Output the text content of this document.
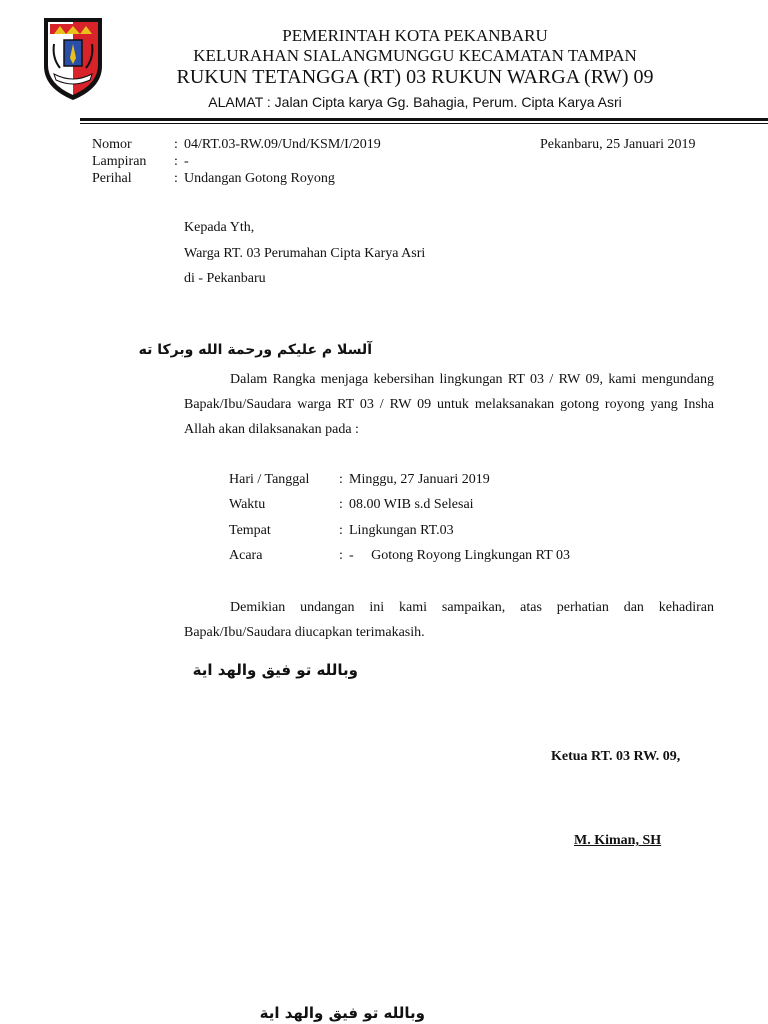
PEMERINTAH KOTA PEKANBARU
KELURAHAN SIALANGMUNGGU KECAMATAN TAMPAN
RUKUN TETANGGA (RT) 03 RUKUN WARGA (RW) 09
ALAMAT : Jalan Cipta karya Gg. Bahagia, Perum. Cipta Karya Asri
Nomor	: 04/RT.03-RW.09/Und/KSM/I/2019
Lampiran : -
Perihal	: Undangan Gotong Royong
Pekanbaru, 25 Januari 2019
Kepada Yth,
Warga RT. 03 Perumahan Cipta Karya Asri
di - Pekanbaru
آلسلا م عليكم ورحمة الله وبركا ته
Dalam Rangka menjaga kebersihan lingkungan RT 03 / RW 09, kami mengundang Bapak/Ibu/Saudara warga RT 03 / RW 09 untuk melaksanakan gotong royong yang Insha Allah akan dilaksanakan pada :
Hari / Tanggal : Minggu, 27 Januari 2019
Waktu	: 08.00 WIB s.d Selesai
Tempat	: Lingkungan RT.03
Acara	: -     Gotong Royong Lingkungan RT 03
Demikian undangan ini kami sampaikan, atas perhatian dan kehadiran Bapak/Ibu/Saudara diucapkan terimakasih.
وبالله تو فيق والهد اية
Ketua RT. 03 RW. 09,
M. Kiman, SH
وبالله تو فيق والهد اية
